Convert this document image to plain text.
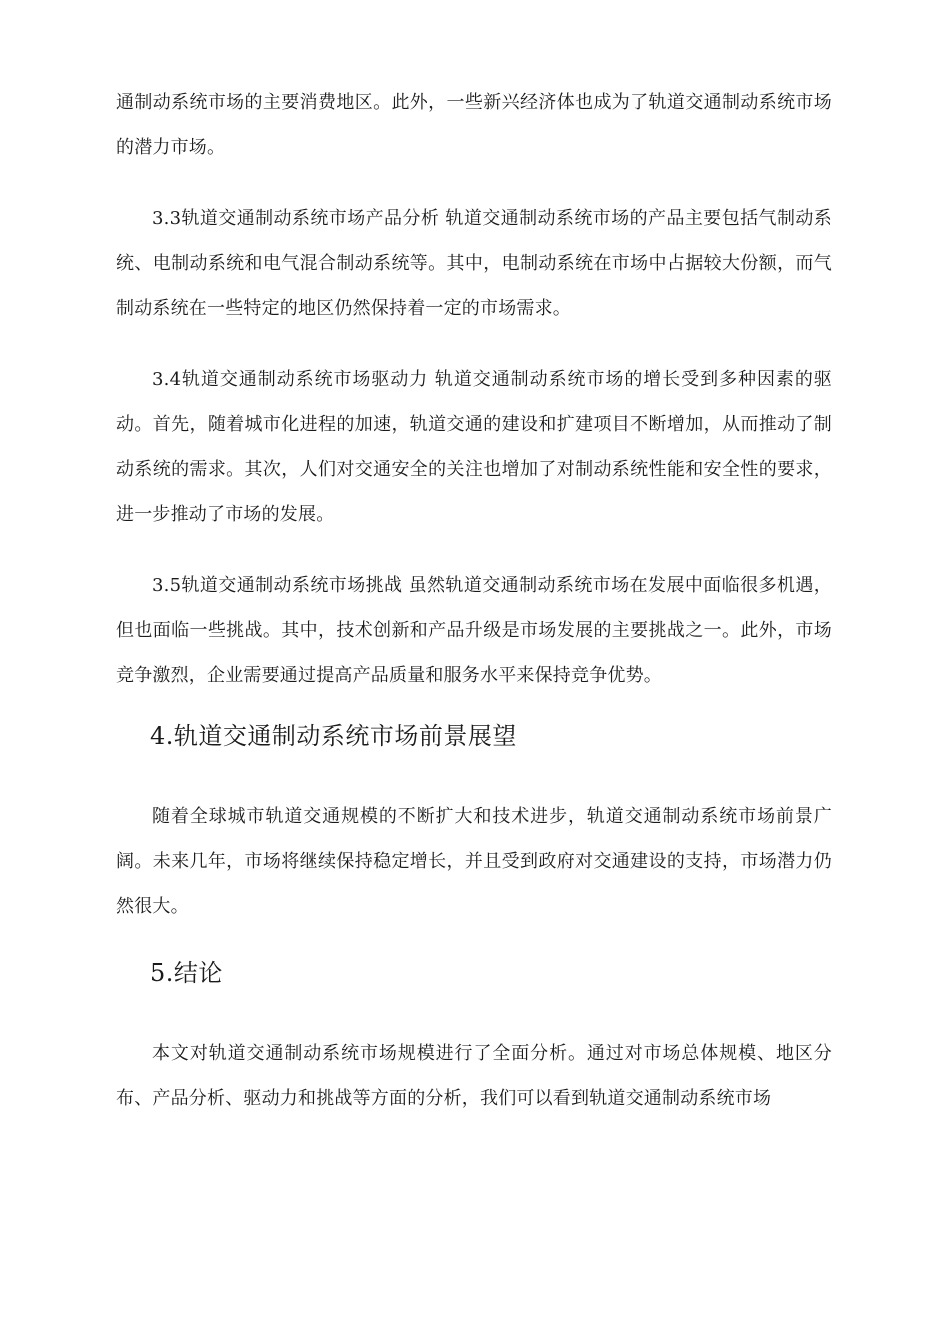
通制动系统市场的主要消费地区。此外，一些新兴经济体也成为了轨道交通制动系统市场的潜力市场。

3.3轨道交通制动系统市场产品分析 轨道交通制动系统市场的产品主要包括气制动系统、电制动系统和电气混合制动系统等。其中，电制动系统在市场中占据较大份额，而气制动系统在一些特定的地区仍然保持着一定的市场需求。

3.4轨道交通制动系统市场驱动力 轨道交通制动系统市场的增长受到多种因素的驱动。首先，随着城市化进程的加速，轨道交通的建设和扩建项目不断增加，从而推动了制动系统的需求。其次，人们对交通安全的关注也增加了对制动系统性能和安全性的要求，进一步推动了市场的发展。

3.5轨道交通制动系统市场挑战 虽然轨道交通制动系统市场在发展中面临很多机遇，但也面临一些挑战。其中，技术创新和产品升级是市场发展的主要挑战之一。此外，市场竞争激烈，企业需要通过提高产品质量和服务水平来保持竞争优势。

4.轨道交通制动系统市场前景展望

随着全球城市轨道交通规模的不断扩大和技术进步，轨道交通制动系统市场前景广阔。未来几年，市场将继续保持稳定增长，并且受到政府对交通建设的支持，市场潜力仍然很大。

5.结论

本文对轨道交通制动系统市场规模进行了全面分析。通过对市场总体规模、地区分布、产品分析、驱动力和挑战等方面的分析，我们可以看到轨道交通制动系统市场
